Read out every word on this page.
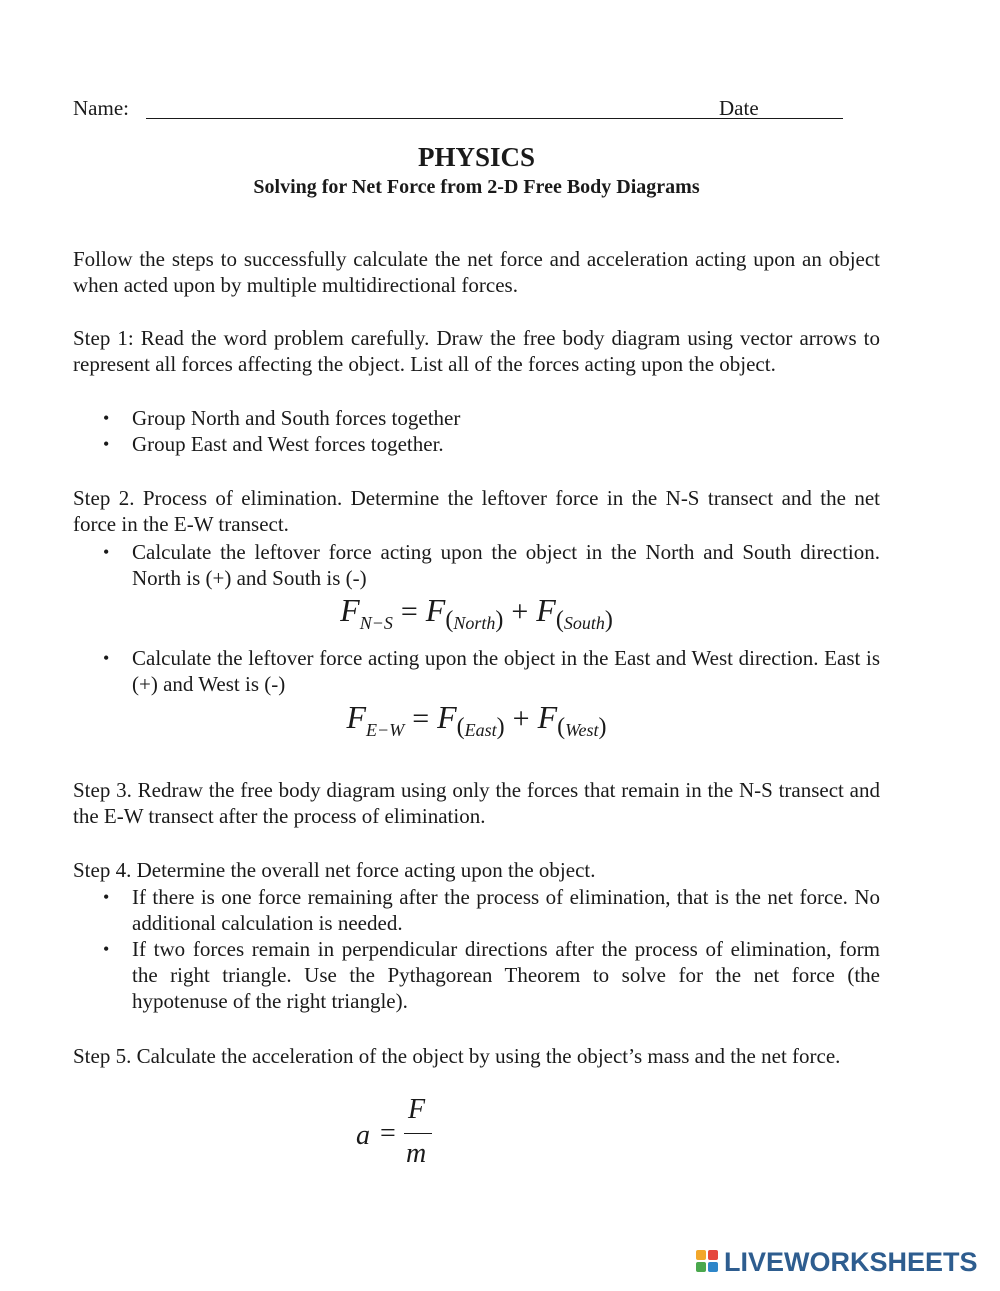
Name:	Date
PHYSICS
Solving for Net Force from 2-D Free Body Diagrams
Follow the steps to successfully calculate the net force and acceleration acting upon an object when acted upon by multiple multidirectional forces.
Step 1: Read the word problem carefully. Draw the free body diagram using vector arrows to represent all forces affecting the object. List all of the forces acting upon the object.
• Group North and South forces together
• Group East and West forces together.
Step 2. Process of elimination. Determine the leftover force in the N-S transect and the net force in the E-W transect.
• Calculate the leftover force acting upon the object in the North and South direction. North is (+) and South is (-)
$F_{N-S} = F(_{North}) + F(_{South})$
• Calculate the leftover force acting upon the object in the East and West direction. East is (+) and West is (-)
$F_{E-W} = F(_{East}) + F(_{West})$
Step 3. Redraw the free body diagram using only the forces that remain in the N-S transect and the E-W transect after the process of elimination.
Step 4. Determine the overall net force acting upon the object.
• If there is one force remaining after the process of elimination, that is the net force. No additional calculation is needed.
• If two forces remain in perpendicular directions after the process of elimination, form the right triangle. Use the Pythagorean Theorem to solve for the net force (the hypotenuse of the right triangle).
Step 5. Calculate the acceleration of the object by using the object’s mass and the net force.
a =
F
m
LIVEWORKSHEETS
